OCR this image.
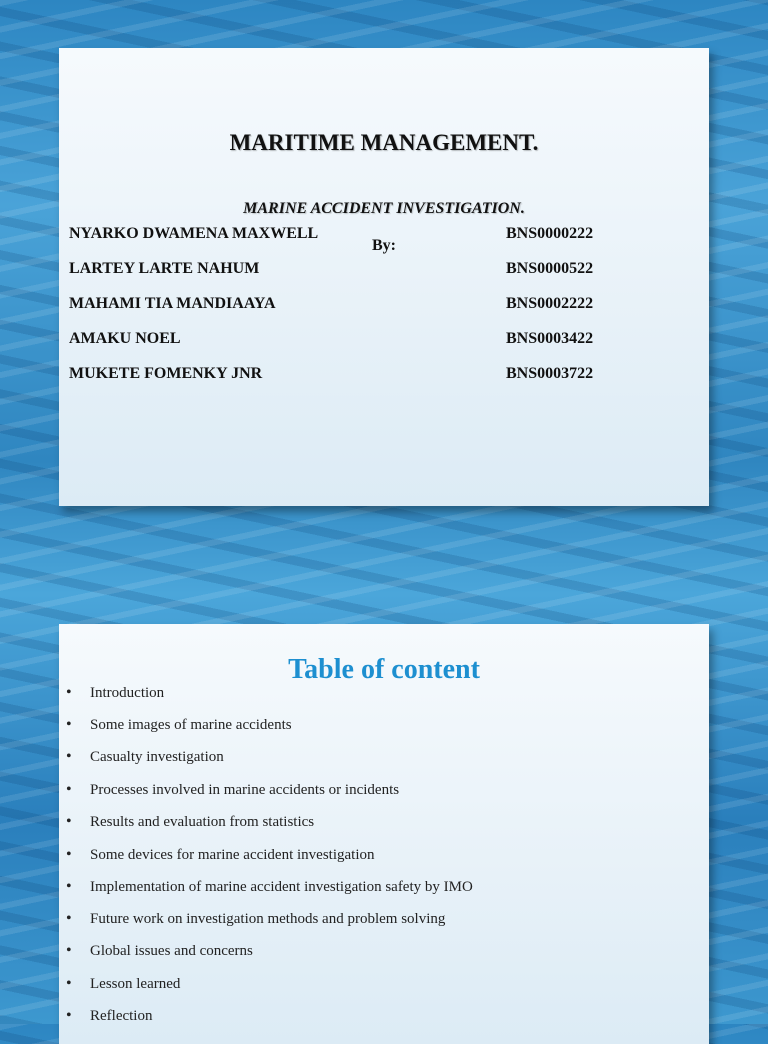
MARITIME MANAGEMENT.
MARINE ACCIDENT INVESTIGATION.
By:
NYARKO DWAMENA MAXWELL	BNS0000222
LARTEY LARTE NAHUM	BNS0000522
MAHAMI TIA MANDIAAYA	BNS0002222
AMAKU NOEL	BNS0003422
MUKETE FOMENKY JNR	BNS0003722
Table of content
• Introduction
• Some images of marine accidents
• Casualty investigation
• Processes involved in marine accidents or incidents
• Results and evaluation from statistics
• Some devices for marine accident investigation
• Implementation of marine accident investigation safety by IMO
• Future work on investigation methods and problem solving
• Global issues and concerns
• Lesson learned
• Reflection
